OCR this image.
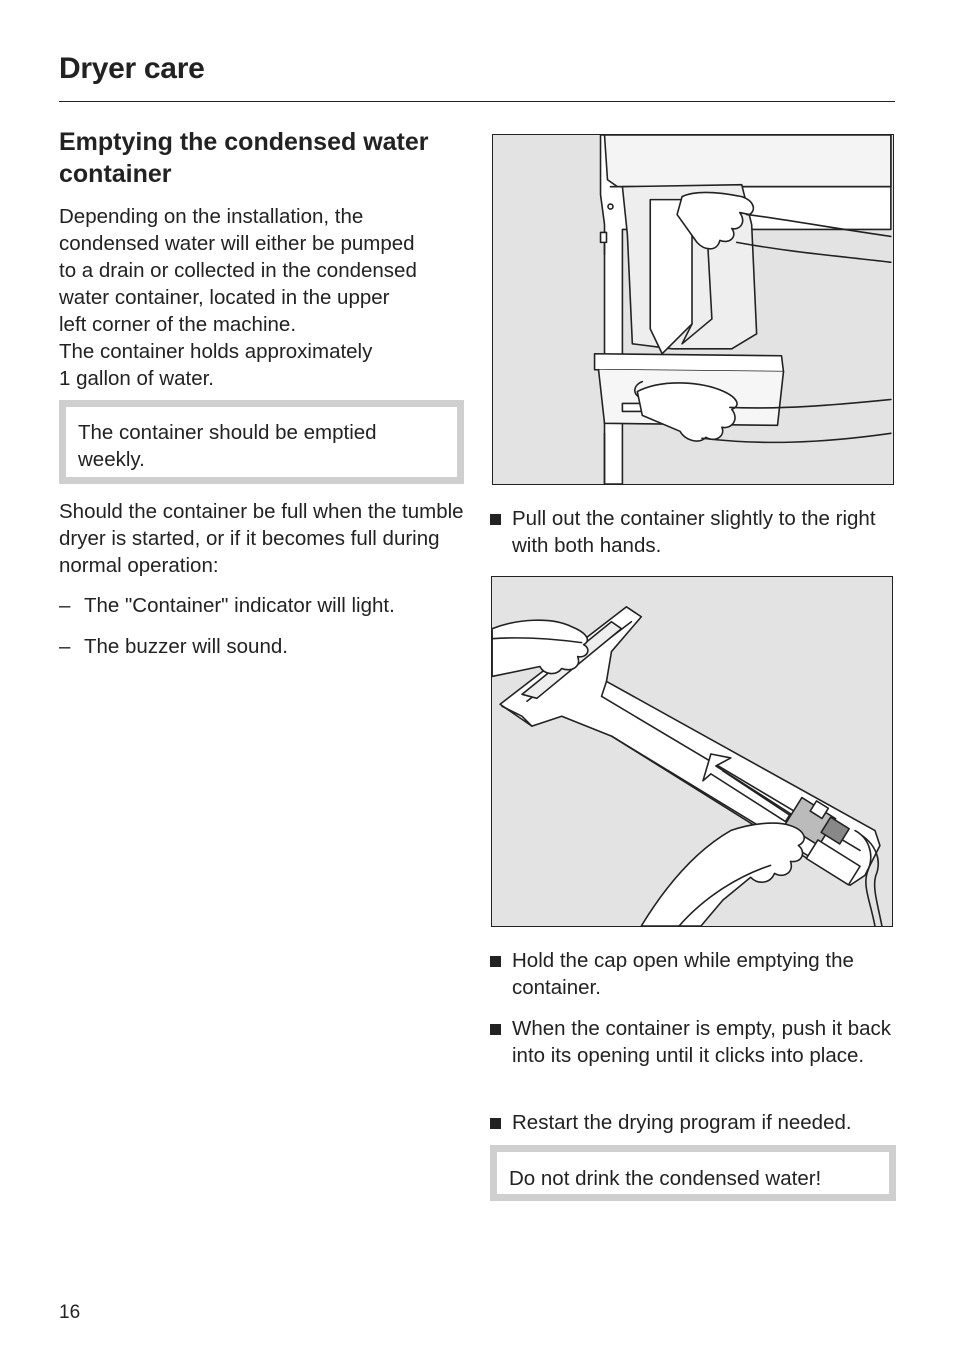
Dryer care
Emptying the condensed water container
Depending on the installation, the
condensed water will either be pumped
to a drain or collected in the condensed
water container, located in the upper
left corner of the machine.
The container holds approximately
1 gallon of water.
The container should be emptied weekly.
Should the container be full when the tumble dryer is started, or if it becomes full during normal operation:
– The "Container" indicator will light.
– The buzzer will sound.
Pull out the container slightly to the right with both hands.
Hold the cap open while emptying the container.
When the container is empty, push it back into its opening until it clicks into place.
Restart the drying program if needed.
Do not drink the condensed water!
16
